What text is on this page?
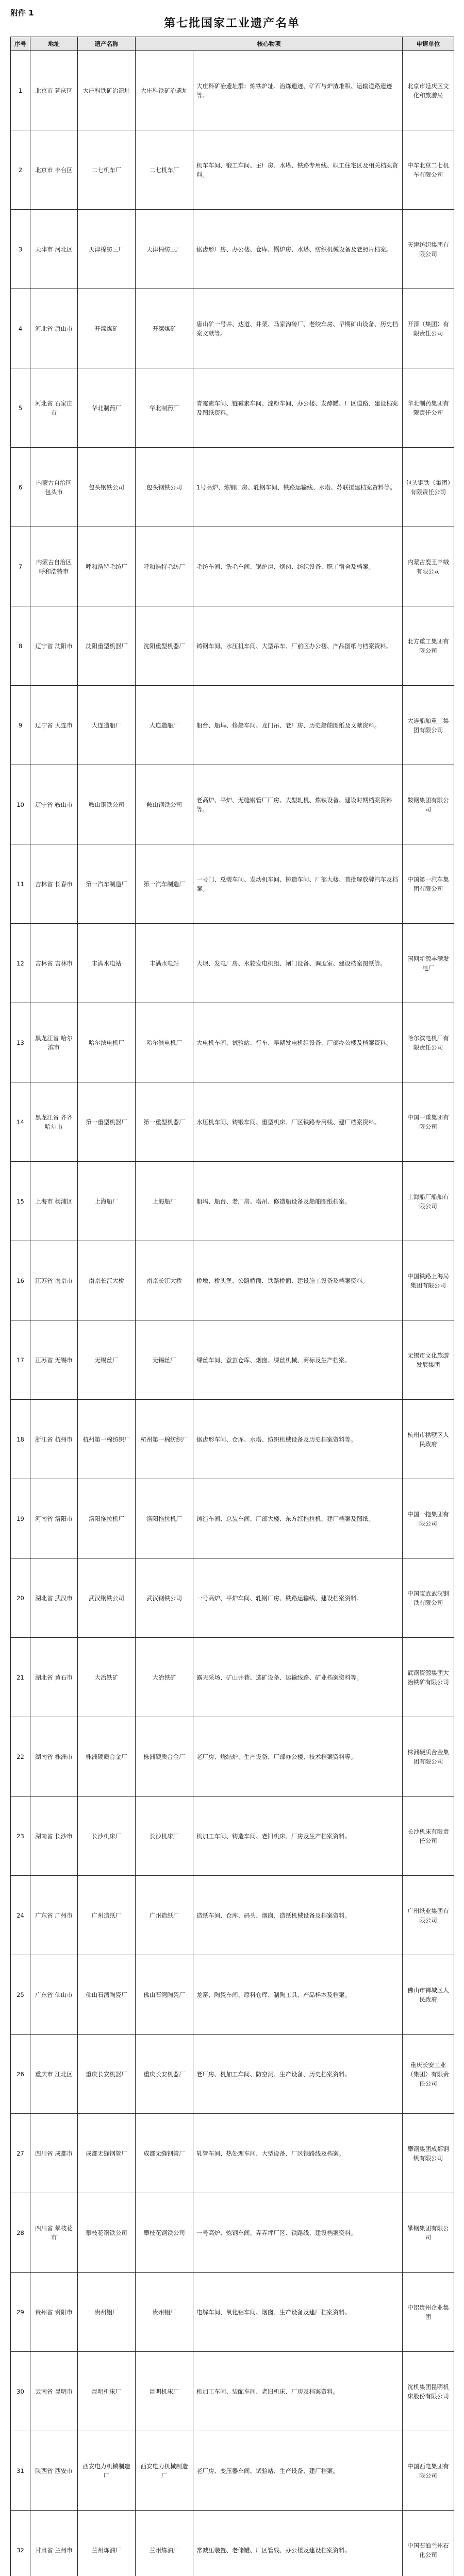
附件 1
第七批国家工业遗产名单
序号	地址	遗产名称	核心物项		申请单位
1	北京市 延庆区	大庄科铁矿冶遗址	大庄科铁矿冶遗址	大庄科矿冶遗址群：炼铁炉址、冶炼遗迹、矿石与炉渣堆积、运输道路遗迹等。	北京市延庆区文化和旅游局
2	北京市 丰台区	二七机车厂	二七机车厂	机车车间、锻工车间、主厂房、水塔、铁路专用线、职工住宅区及相关档案资料。	中车北京二七机车有限公司
3	天津市 河北区	天津棉纺三厂	天津棉纺三厂	锯齿形厂房、办公楼、仓库、锅炉房、水塔、纺织机械设备及老照片档案。	天津纺织集团有限公司
4	河北省 唐山市	开滦煤矿	开滦煤矿	唐山矿一号井、达道、井架、马家沟砖厂、老绞车房、早期矿山设备、历史档案文献等。	开滦（集团）有限责任公司
5	河北省 石家庄市	华北制药厂	华北制药厂	青霉素车间、链霉素车间、淀粉车间、办公楼、发酵罐、厂区道路、建设档案及图纸资料。	华北制药集团有限责任公司
6	内蒙古自治区 包头市	包头钢铁公司	包头钢铁公司	1号高炉、炼钢厂房、轧钢车间、铁路运输线、水塔、苏联援建档案资料等。	包头钢铁（集团）有限责任公司
7	内蒙古自治区 呼和浩特市	呼和浩特毛纺厂	呼和浩特毛纺厂	毛纺车间、洗毛车间、锅炉房、烟囱、纺织设备、职工宿舍及档案。	内蒙古鹿王羊绒有限公司
8	辽宁省 沈阳市	沈阳重型机器厂	沈阳重型机器厂	铸钢车间、水压机车间、大型吊车、厂前区办公楼、产品图纸与档案资料。	北方重工集团有限公司
9	辽宁省 大连市	大连造船厂	大连造船厂	船台、船坞、修船车间、龙门吊、老厂房、历史船舶图纸及文献资料。	大连船舶重工集团有限公司
10	辽宁省 鞍山市	鞍山钢铁公司	鞍山钢铁公司	老高炉、平炉、无缝钢管厂厂房、大型轧机、炼铁设备、建设时期档案资料等。	鞍钢集团有限公司
11	吉林省 长春市	第一汽车制造厂	第一汽车制造厂	一号门、总装车间、发动机车间、铸造车间、厂部大楼、首批解放牌汽车及档案。	中国第一汽车集团有限公司
12	吉林省 吉林市	丰满水电站	丰满水电站	大坝、发电厂房、水轮发电机组、闸门设备、调度室、建设档案图纸等。	国网新源丰满发电厂
13	黑龙江省 哈尔滨市	哈尔滨电机厂	哈尔滨电机厂	大电机车间、试验站、行车、早期发电机组设备、厂部办公楼及档案资料。	哈尔滨电机厂有限责任公司
14	黑龙江省 齐齐哈尔市	第一重型机器厂	第一重型机器厂	水压机车间、铸锻车间、重型机床、厂区铁路专用线、建厂档案资料。	中国一重集团有限公司
15	上海市 杨浦区	上海船厂	上海船厂	船坞、船台、老厂房、塔吊、修造船设备及船舶图纸档案。	上海船厂船舶有限公司
16	江苏省 南京市	南京长江大桥	南京长江大桥	桥墩、桥头堡、公路桥面、铁路桥面、建设施工设备及档案资料。	中国铁路上海局集团有限公司
17	江苏省 无锡市	无锡丝厂	无锡丝厂	缫丝车间、蚕茧仓库、烟囱、缫丝机械、商标及生产档案。	无锡市文化旅游发展集团
18	浙江省 杭州市	杭州第一棉纺织厂	杭州第一棉纺织厂	锯齿形车间、仓库、水塔、纺织机械设备及历史档案资料等。	杭州市拱墅区人民政府
19	河南省 洛阳市	洛阳拖拉机厂	洛阳拖拉机厂	铸造车间、总装车间、厂部大楼、东方红拖拉机、建厂档案及图纸。	中国一拖集团有限公司
20	湖北省 武汉市	武汉钢铁公司	武汉钢铁公司	一号高炉、平炉车间、轧钢厂房、铁路运输线、建设档案资料。	中国宝武武汉钢铁有限公司
21	湖北省 黄石市	大冶铁矿	大冶铁矿	露天采场、矿山井巷、选矿设备、运输线路、矿业档案资料等。	武钢资源集团大冶铁矿有限公司
22	湖南省 株洲市	株洲硬质合金厂	株洲硬质合金厂	老厂房、烧结炉、生产设备、厂部办公楼、技术档案资料等。	株洲硬质合金集团有限公司
23	湖南省 长沙市	长沙机床厂	长沙机床厂	机加工车间、铸造车间、老旧机床、厂房及生产档案资料。	长沙机床有限责任公司
24	广东省 广州市	广州造纸厂	广州造纸厂	造纸车间、仓库、码头、烟囱、造纸机械设备及档案资料。	广州纸业集团有限公司
25	广东省 佛山市	佛山石湾陶瓷厂	佛山石湾陶瓷厂	龙窑、陶瓷车间、原料仓库、制陶工具、产品样本及档案。	佛山市禅城区人民政府
26	重庆市 江北区	重庆长安机器厂	重庆长安机器厂	老厂房、机加工车间、防空洞、生产设备、历史档案资料。	重庆长安工业（集团）有限责任公司
27	四川省 成都市	成都无缝钢管厂	成都无缝钢管厂	轧管车间、热处理车间、大型设备、厂区铁路线及档案。	攀钢集团成都钢钒有限公司
28	四川省 攀枝花市	攀枝花钢铁公司	攀枝花钢铁公司	一号高炉、炼钢车间、弄弄坪厂区、铁路线、建设档案资料。	攀钢集团有限公司
29	贵州省 贵阳市	贵州铝厂	贵州铝厂	电解车间、氧化铝车间、烟囱、生产设备及建厂档案资料。	中铝贵州企业集团
30	云南省 昆明市	昆明机床厂	昆明机床厂	机加工车间、装配车间、老旧机床、厂房及档案资料。	沈机集团昆明机床股份有限公司
31	陕西省 西安市	西安电力机械制造厂	西安电力机械制造厂	老厂房、变压器车间、试验站、生产设备、建厂档案。	中国西电集团有限公司
32	甘肃省 兰州市	兰州炼油厂	兰州炼油厂	常减压装置、老储罐、厂区管线、办公楼及建设档案资料。	中国石油兰州石化公司
